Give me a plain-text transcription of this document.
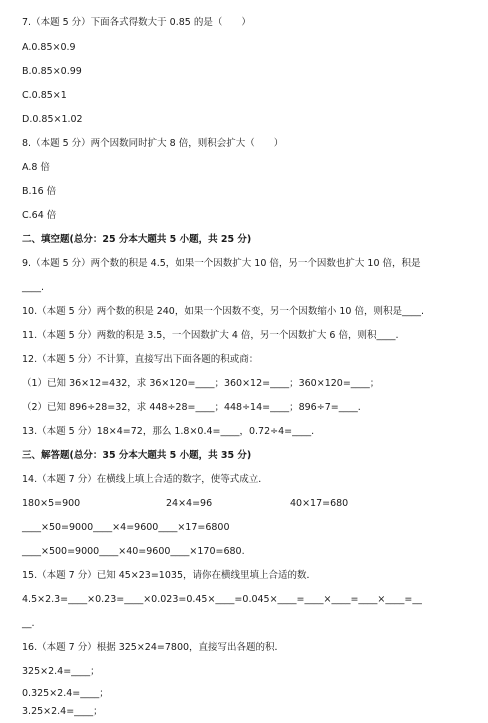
7.（本题 5 分）下面各式得数大于 0.85 的是（　　）
A.0.85×0.9
B.0.85×0.99
C.0.85×1
D.0.85×1.02
8.（本题 5 分）两个因数同时扩大 8 倍，则积会扩大（　　）
A.8 倍
B.16 倍
C.64 倍
二、填空题(总分：25 分本大题共 5 小题，共 25 分)
9.（本题 5 分）两个数的积是 4.5，如果一个因数扩大 10 倍，另一个因数也扩大 10 倍，积是
____.
10.（本题 5 分）两个数的积是 240，如果一个因数不变，另一个因数缩小 10 倍，则积是____.
11.（本题 5 分）两数的积是 3.5，一个因数扩大 4 倍，另一个因数扩大 6 倍，则积____.
12.（本题 5 分）不计算，直接写出下面各题的积或商：
（1）已知 36×12=432，求 36×120=____；360×12=____；360×120=____；
（2）已知 896÷28=32，求 448÷28=____；448÷14=____；896÷7=____.
13.（本题 5 分）18×4=72，那么 1.8×0.4=____，0.72÷4=____.
三、解答题(总分：35 分本大题共 5 小题，共 35 分)
14.（本题 7 分）在横线上填上合适的数字，使等式成立．
180×5=900	24×4=96	40×17=680
____×50=9000____×4=9600____×17=6800
____×500=9000____×40=9600____×170=680.
15.（本题 7 分）已知 45×23=1035，请你在横线里填上合适的数．
4.5×2.3=____×0.23=____×0.023=0.45×____=0.045×____=____×____=____×____=__
__.
16.（本题 7 分）根据 325×24=7800，直接写出各题的积．
325×2.4=____；
0.325×2.4=____；
3.25×2.4=____；
